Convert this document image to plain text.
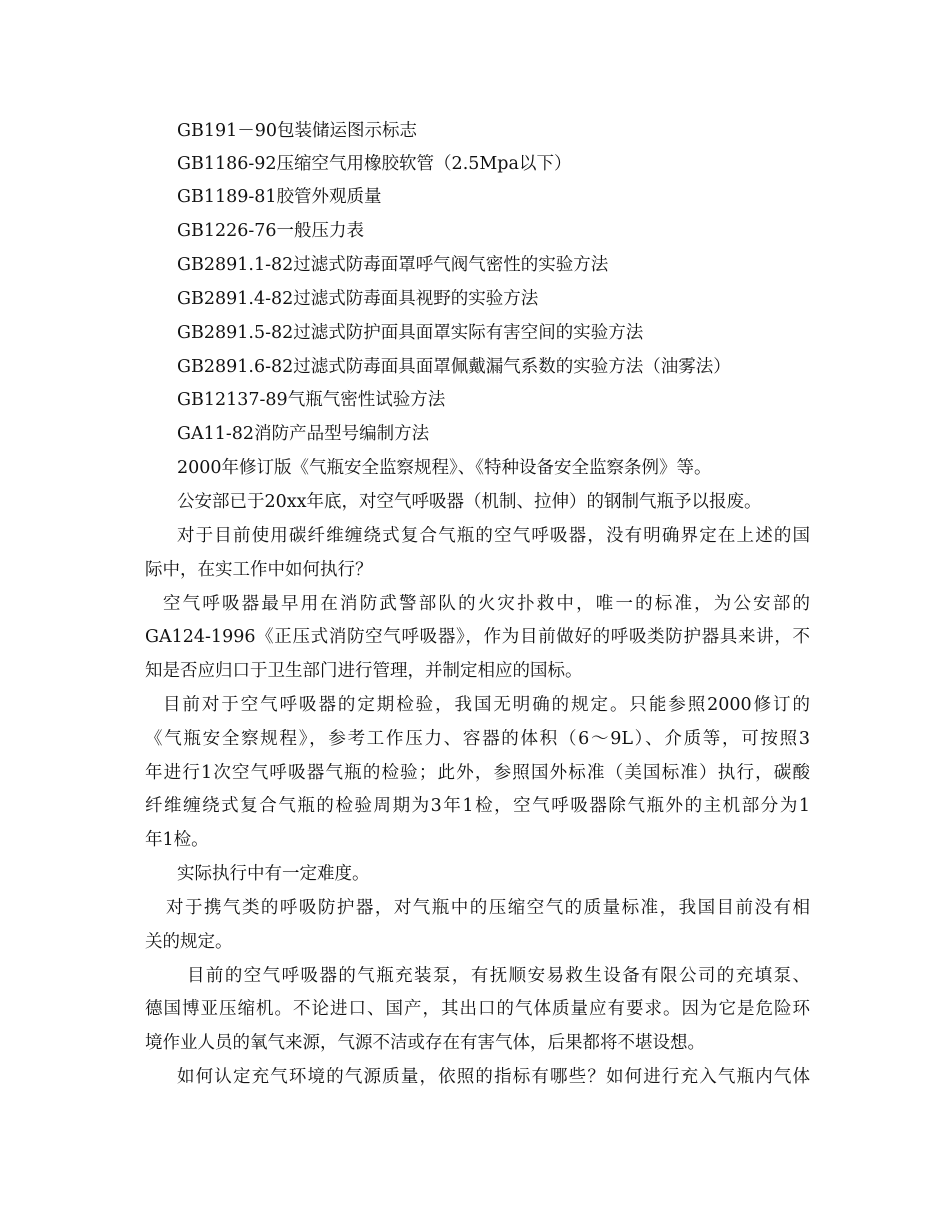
GB191－90包装储运图示标志
GB1186-92压缩空气用橡胶软管（2.5Mpa以下）
GB1189-81胶管外观质量
GB1226-76一般压力表
GB2891.1-82过滤式防毒面罩呼气阀气密性的实验方法
GB2891.4-82过滤式防毒面具视野的实验方法
GB2891.5-82过滤式防护面具面罩实际有害空间的实验方法
GB2891.6-82过滤式防毒面具面罩佩戴漏气系数的实验方法（油雾法）
GB12137-89气瓶气密性试验方法
GA11-82消防产品型号编制方法
2000年修订版《气瓶安全监察规程》、《特种设备安全监察条例》等。
公安部已于20xx年底，对空气呼吸器（机制、拉伸）的钢制气瓶予以报废。
对于目前使用碳纤维缠绕式复合气瓶的空气呼吸器，没有明确界定在上述的国
际中，在实工作中如何执行？
空气呼吸器最早用在消防武警部队的火灾扑救中，唯一的标准，为公安部的
GA124-1996《正压式消防空气呼吸器》，作为目前做好的呼吸类防护器具来讲，不
知是否应归口于卫生部门进行管理，并制定相应的国标。
目前对于空气呼吸器的定期检验，我国无明确的规定。只能参照2000修订的
《气瓶安全察规程》，参考工作压力、容器的体积（6～9L）、介质等，可按照3
年进行1次空气呼吸器气瓶的检验；此外，参照国外标准（美国标准）执行，碳酸
纤维缠绕式复合气瓶的检验周期为3年1检，空气呼吸器除气瓶外的主机部分为1
年1检。
实际执行中有一定难度。
对于携气类的呼吸防护器，对气瓶中的压缩空气的质量标准，我国目前没有相
关的规定。
目前的空气呼吸器的气瓶充装泵，有抚顺安易救生设备有限公司的充填泵、
德国博亚压缩机。不论进口、国产，其出口的气体质量应有要求。因为它是危险环
境作业人员的氧气来源，气源不洁或存在有害气体，后果都将不堪设想。
如何认定充气环境的气源质量，依照的指标有哪些？如何进行充入气瓶内气体
